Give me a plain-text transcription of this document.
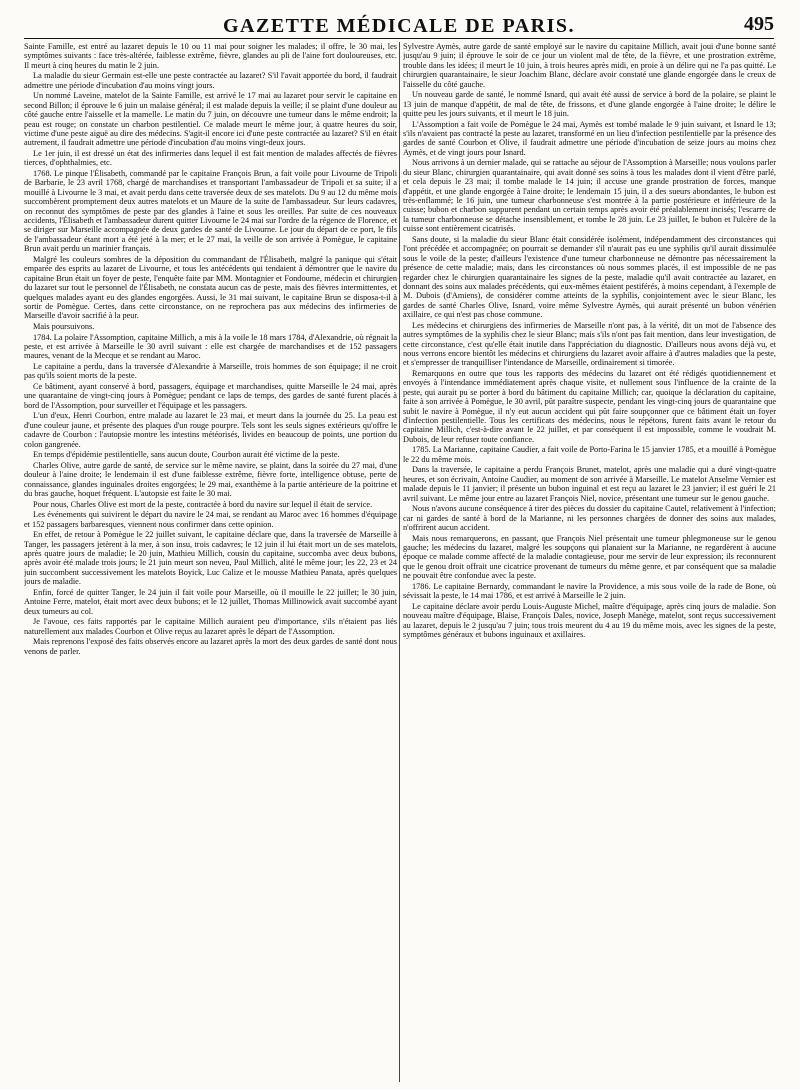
GAZETTE MÉDICALE DE PARIS.	495

Sainte Famille, est entré au lazaret depuis le 10 ou 11 mai pour soigner les malades; il offre, le 30 mai, les symptômes suivants : face très-altérée, faiblesse extrême, fièvre, glandes au pli de l'aine fort douloureuses, etc. Il meurt à cinq heures du matin le 2 juin.

La maladie du sieur Germain est-elle une peste contractée au lazaret? S'il l'avait apportée du bord, il faudrait admettre une période d'incubation d'au moins vingt jours.

Un nommé Laveine, matelot de la Sainte Famille, est arrivé le 17 mai au lazaret pour servir le capitaine en second Billon; il éprouve le 6 juin un malaise général; il est malade depuis la veille; il se plaint d'une douleur au côté gauche entre l'aisselle et la mamelle. Le matin du 7 juin, on découvre une tumeur dans le même endroit; la peau est rouge; on constate un charbon pestilentiel. Ce malade meurt le même jour, à quatre heures du soir, victime d'une peste aiguë au dire des médecins. S'agit-il encore ici d'une peste contractée au lazaret? S'il en était autrement, il faudrait admettre une période d'incubation d'au moins vingt-deux jours.

Le 1er juin, il est dressé un état des infirmeries dans lequel il est fait mention de malades affectés de fièvres tierces, d'ophthalmies, etc.

1768. Le pinque l'Élisabeth, commandé par le capitaine François Brun, a fait voile pour Livourne de Tripoli de Barbarie, le 23 avril 1768, chargé de marchandises et transportant l'ambassadeur de Tripoli et sa suite; il a mouillé à Livourne le 3 mai, et avait perdu dans cette traversée deux de ses matelots. Du 9 au 12 du même mois succombèrent promptement deux autres matelots et un Maure de la suite de l'ambassadeur. Sur leurs cadavres, on reconnut des symptômes de peste par des glandes à l'aine et sous les oreilles. Par suite de ces nouveaux accidents, l'Élisabeth et l'ambassadeur durent quitter Livourne le 24 mai sur l'ordre de la régence de Florence, et se diriger sur Marseille accompagnée de deux gardes de santé de Livourne. Le jour du départ de ce port, le fils de l'ambassadeur étant mort a été jeté à la mer; et le 27 mai, la veille de son arrivée à Pomègue, le capitaine Brun avait perdu un marinier français.

Malgré les couleurs sombres de la déposition du commandant de l'Élisabeth, malgré la panique qui s'était emparée des esprits au lazaret de Livourne, et tous les antécédents qui tendaient à démontrer que le navire du capitaine Brun était un foyer de peste, l'enquête faite par MM. Montagnier et Fondoume, médecin et chirurgien du lazaret sur tout le personnel de l'Élisabeth, ne constata aucun cas de peste, mais des fièvres intermittentes, et quelques malades ayant eu des glandes engorgées. Aussi, le 31 mai suivant, le capitaine Brun se disposa-t-il à sortir de Pomègue. Certes, dans cette circonstance, on ne reprochera pas aux médecins des infirmeries de Marseille d'avoir sacrifié à la peur.

Mais poursuivons.

1784. La polaire l'Assomption, capitaine Millich, a mis à la voile le 18 mars 1784, d'Alexandrie, où régnait la peste, et est arrivée à Marseille le 30 avril suivant : elle est chargée de marchandises et de 152 passagers maures, venant de la Mecque et se rendant au Maroc.

Le capitaine a perdu, dans la traversée d'Alexandrie à Marseille, trois hommes de son équipage; il ne croit pas qu'ils soient morts de la peste.

Ce bâtiment, ayant conservé à bord, passagers, équipage et marchandises, quitte Marseille le 24 mai, après une quarantaine de vingt-cinq jours à Pomègue; pendant ce laps de temps, des gardes de santé furent placés à bord de l'Assomption, pour surveiller et l'équipage et les passagers.

L'un d'eux, Henri Courbon, entre malade au lazaret le 23 mai, et meurt dans la journée du 25. La peau est d'une couleur jaune, et présente des plaques d'un rouge pourpre. Tels sont les seuls signes extérieurs qu'offre le cadavre de Courbon : l'autopsie montre les intestins météorisés, livides en beaucoup de points, une portion du colon gangrenée.

En temps d'épidémie pestilentielle, sans aucun doute, Courbon aurait été victime de la peste.

Charles Olive, autre garde de santé, de service sur le même navire, se plaint, dans la soirée du 27 mai, d'une douleur à l'aine droite; le lendemain il est d'une faiblesse extrême, fièvre forte, intelligence obtuse, perte de connaissance, glandes inguinales droites engorgées; le 29 mai, exanthème à la partie antérieure de la poitrine et du bras gauche, hoquet fréquent. L'autopsie est faite le 30 mai.

Pour nous, Charles Olive est mort de la peste, contractée à bord du navire sur lequel il était de service.

Les événements qui suivirent le départ du navire le 24 mai, se rendant au Maroc avec 16 hommes d'équipage et 152 passagers barbaresques, viennent nous confirmer dans cette opinion.

En effet, de retour à Pomègue le 22 juillet suivant, le capitaine déclare que, dans la traversée de Marseille à Tanger, les passagers jetèrent à la mer, à son insu, trois cadavres; le 12 juin il lui était mort un de ses matelots, après quatre jours de maladie; le 20 juin, Mathieu Millich, cousin du capitaine, succomba avec deux bubons, après avoir été malade trois jours; le 21 juin meurt son neveu, Paul Millich, alité le même jour; les 22, 23 et 24 juin succombent successivement les matelots Boyick, Luc Calize et le mousse Mathieu Panata, après quelques jours de maladie.

Enfin, forcé de quitter Tanger, le 24 juin il fait voile pour Marseille, où il mouille le 22 juillet; le 30 juin, Antoine Ferre, matelot, était mort avec deux bubons; et le 12 juillet, Thomas Millinowick avait succombé ayant deux tumeurs au col.

Je l'avoue, ces faits rapportés par le capitaine Millich auraient peu d'importance, s'ils n'étaient pas liés naturellement aux malades Courbon et Olive reçus au lazaret après le départ de l'Assomption.

Mais reprenons l'exposé des faits observés encore au lazaret après la mort des deux gardes de santé dont nous venons de parler.

Sylvestre Aymès, autre garde de santé employé sur le navire du capitaine Millich, avait joui d'une bonne santé jusqu'au 9 juin; il éprouve le soir de ce jour un violent mal de tête, de la fièvre, et une prostration extrême, trouble dans les idées; il meurt le 10 juin, à trois heures après midi, en proie à un délire qui ne l'a pas quitté. Le chirurgien quarantainaire, le sieur Joachim Blanc, déclare avoir constaté une glande engorgée dans le creux de l'aisselle du côté gauche.

Un nouveau garde de santé, le nommé Isnard, qui avait été aussi de service à bord de la polaire, se plaint le 13 juin de manque d'appétit, de mal de tête, de frissons, et d'une glande engorgée à l'aine droite; le délire le quitte peu les jours suivants, et il meurt le 18 juin.

L'Assomption a fait voile de Pomègue le 24 mai, Aymès est tombé malade le 9 juin suivant, et Isnard le 13; s'ils n'avaient pas contracté la peste au lazaret, transformé en un lieu d'infection pestilentielle par la présence des gardes de santé Courbon et Olive, il faudrait admettre une période d'incubation de seize jours au moins chez Aymès, et de vingt jours pour Isnard.

Nous arrivons à un dernier malade, qui se rattache au séjour de l'Assomption à Marseille; nous voulons parler du sieur Blanc, chirurgien quarantainaire, qui avait donné ses soins à tous les malades dont il vient d'être parlé, et cela depuis le 23 mai; il tombe malade le 14 juin; il accuse une grande prostration de forces, manque d'appétit, et une glande engorgée à l'aine droite; le lendemain 15 juin, il a des sueurs abondantes, le bubon est très-enflammé; le 16 juin, une tumeur charbonneuse s'est montrée à la partie postérieure et inférieure de la cuisse; bubon et charbon suppurent pendant un certain temps après avoir été préalablement incisés; l'escarre de la tumeur charbonneuse se détache insensiblement, et tombe le 28 juin. Le 23 juillet, le bubon et l'ulcère de la cuisse sont entièrement cicatrisés.

Sans doute, si la maladie du sieur Blanc était considérée isolément, indépendamment des circonstances qui l'ont précédée et accompagnée; on pourrait se demander s'il n'aurait pas eu une syphilis qu'il aurait dissimulée sous le voile de la peste; d'ailleurs l'existence d'une tumeur charbonneuse ne démontre pas nécessairement la présence de cette maladie; mais, dans les circonstances où nous sommes placés, il est impossible de ne pas regarder chez le chirurgien quarantainaire les signes de la peste, maladie qu'il avait contractée au lazaret, en donnant des soins aux malades précédents, qui eux-mêmes étaient pestiférés, à moins cependant, à l'exemple de M. Dubois (d'Amiens), de considérer comme atteints de la syphilis, conjointement avec le sieur Blanc, les gardes de santé Charles Olive, Isnard, voire même Sylvestre Aymès, qui aurait présenté un bubon vénérien axillaire, ce qui n'est pas chose commune.

Les médecins et chirurgiens des infirmeries de Marseille n'ont pas, à la vérité, dit un mot de l'absence des autres symptômes de la syphilis chez le sieur Blanc; mais s'ils n'ont pas fait mention, dans leur investigation, de cette circonstance, c'est qu'elle était inutile dans l'appréciation du diagnostic. D'ailleurs nous avons déjà vu, et nous verrons encore bientôt les médecins et chirurgiens du lazaret avoir affaire à d'autres maladies que la peste, et s'empresser de tranquilliser l'intendance de Marseille, ordinairement si timorée.

Remarquons en outre que tous les rapports des médecins du lazaret ont été rédigés quotidiennement et envoyés à l'intendance immédiatement après chaque visite, et nullement sous l'influence de la crainte de la peste, qui aurait pu se porter à bord du bâtiment du capitaine Millich; car, quoique la déclaration du capitaine, faite à son arrivée à Pomègue, le 30 avril, pût paraître suspecte, pendant les vingt-cinq jours de quarantaine que subit le navire à Pomègue, il n'y eut aucun accident qui pût faire soupçonner que ce bâtiment était un foyer d'infection pestilentielle. Tous les certificats des médecins, nous le répétons, furent faits avant le retour du capitaine Millich, c'est-à-dire avant le 22 juillet, et par conséquent il est impossible, comme le voudrait M. Dubois, de leur refuser toute confiance.

1785. La Marianne, capitaine Caudier, a fait voile de Porto-Farina le 15 janvier 1785, et a mouillé à Pomègue le 22 du même mois.

Dans la traversée, le capitaine a perdu François Brunet, matelot, après une maladie qui a duré vingt-quatre heures, et son écrivain, Antoine Caudier, au moment de son arrivée à Marseille. Le matelot Anselme Vernier est malade depuis le 11 janvier; il présente un bubon inguinal et est reçu au lazaret le 23 janvier; il est guéri le 21 avril suivant. Le même jour entre au lazaret François Niel, novice, présentant une tumeur sur le genou gauche.

Nous n'avons aucune conséquence à tirer des pièces du dossier du capitaine Cautel, relativement à l'infection; car ni gardes de santé à bord de la Marianne, ni les personnes chargées de donner des soins aux malades, n'offrirent aucun accident.

Mais nous remarquerons, en passant, que François Niel présentait une tumeur phlegmoneuse sur le genou gauche; les médecins du lazaret, malgré les soupçons qui planaient sur la Marianne, ne regardèrent à aucune époque ce malade comme affecté de la maladie contagieuse, pour me servir de leur expression; ils reconnurent que le genou droit offrait une cicatrice provenant de tumeurs du même genre, et par conséquent que sa maladie ne pouvait être confondue avec la peste.

1786. Le capitaine Bernardy, commandant le navire la Providence, a mis sous voile de la rade de Bone, où sévissait la peste, le 14 mai 1786, et est arrivé à Marseille le 2 juin.

Le capitaine déclare avoir perdu Louis-Auguste Michel, maître d'équipage, après cinq jours de maladie. Son nouveau maître d'équipage, Blaise, François Dales, novice, Joseph Manège, matelot, sont reçus successivement au lazaret, depuis le 2 jusqu'au 7 juin; tous trois meurent du 4 au 19 du même mois, avec les signes de la peste, symptômes généraux et bubons inguinaux et axillaires.
